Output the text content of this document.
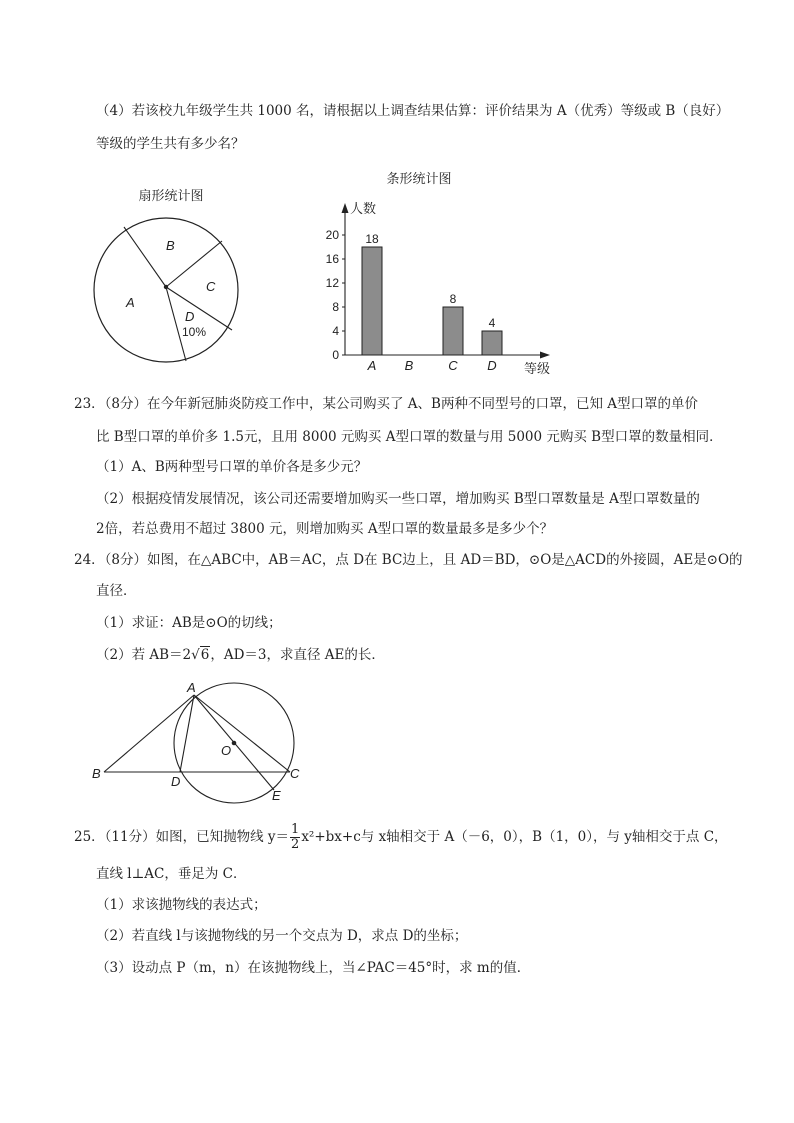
（4）若该校九年级学生共 1000 名，请根据以上调查结果估算：评价结果为 A（优秀）等级或 B（良好）
等级的学生共有多少名？
扇形统计图
A
B
C
D
10%
条形统计图
人数
等级
0
4
8
12
16
20 18
A B
8
C
4
D
23．（8分）在今年新冠肺炎防疫工作中，某公司购买了 A、B两种不同型号的口罩，已知 A型口罩的单价
比 B型口罩的单价多 1.5元，且用 8000 元购买 A型口罩的数量与用 5000 元购买 B型口罩的数量相同．
（1）A、B两种型号口罩的单价各是多少元？
（2）根据疫情发展情况，该公司还需要增加购买一些口罩，增加购买 B型口罩数量是 A型口罩数量的
2倍，若总费用不超过 3800 元，则增加购买 A型口罩的数量最多是多少个？
24．（8分）如图，在△ABC中，AB＝AC，点 D在 BC边上，且 AD＝BD，⊙O是△ACD的外接圆，AE是⊙O的
直径．
（1）求证：AB是⊙O的切线；
（2）若 AB＝2√6，AD＝3，求直径 AE的长．
A
B	C
D
E
O
25．（11分）如图，已知抛物线 $y= \frac{1}{2} x^2+bx+c$与 x轴相交于 A（－6，0），B（1，0），与 y轴相交于点 C，
直线 l⊥AC，垂足为 C．
（1）求该抛物线的表达式；
（2）若直线 l与该抛物线的另一个交点为 D，求点 D的坐标；
（3）设动点 P（m，n）在该抛物线上，当∠PAC＝45°时，求 m的值．
